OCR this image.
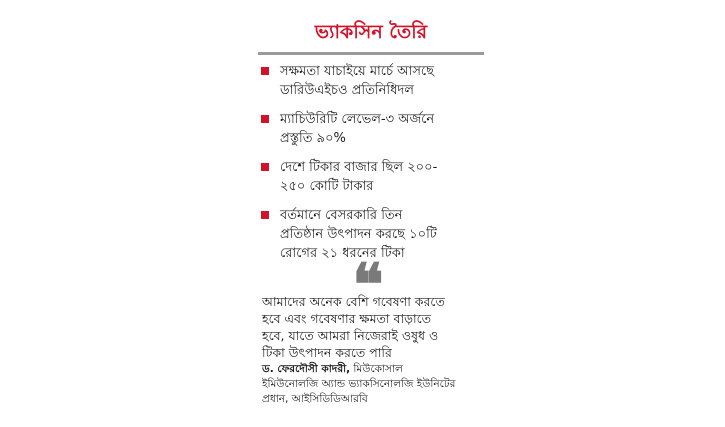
ভ্যাকসিন তৈরি
সক্ষমতা যাচাইয়ে মার্চে আসছে
ডারিউএইচও প্রতিনিধিদল
ম্যাচিউরিটি লেভেল-৩ অর্জনে
প্রস্তুতি ৯০%
দেশে টিকার বাজার ছিল ২০০-
২৫০ কোটি টাকার
বর্তমানে বেসরকারি তিন
প্রতিষ্ঠান উৎপাদন করছে ১০টি
রোগের ২১ ধরনের টিকা
❝
আমাদের অনেক বেশি গবেষণা করতে
হবে এবং গবেষণার ক্ষমতা বাড়াতে
হবে, যাতে আমরা নিজেরাই ওষুধ ও
টিকা উৎপাদন করতে পারি
ড. ফেরদৌসী কাদরী, মিউকোসাল
ইমিউনোলজি অ্যান্ড ভ্যাকসিনোলজি ইউনিটের
প্রধান, আইসিডিডিআরবি
